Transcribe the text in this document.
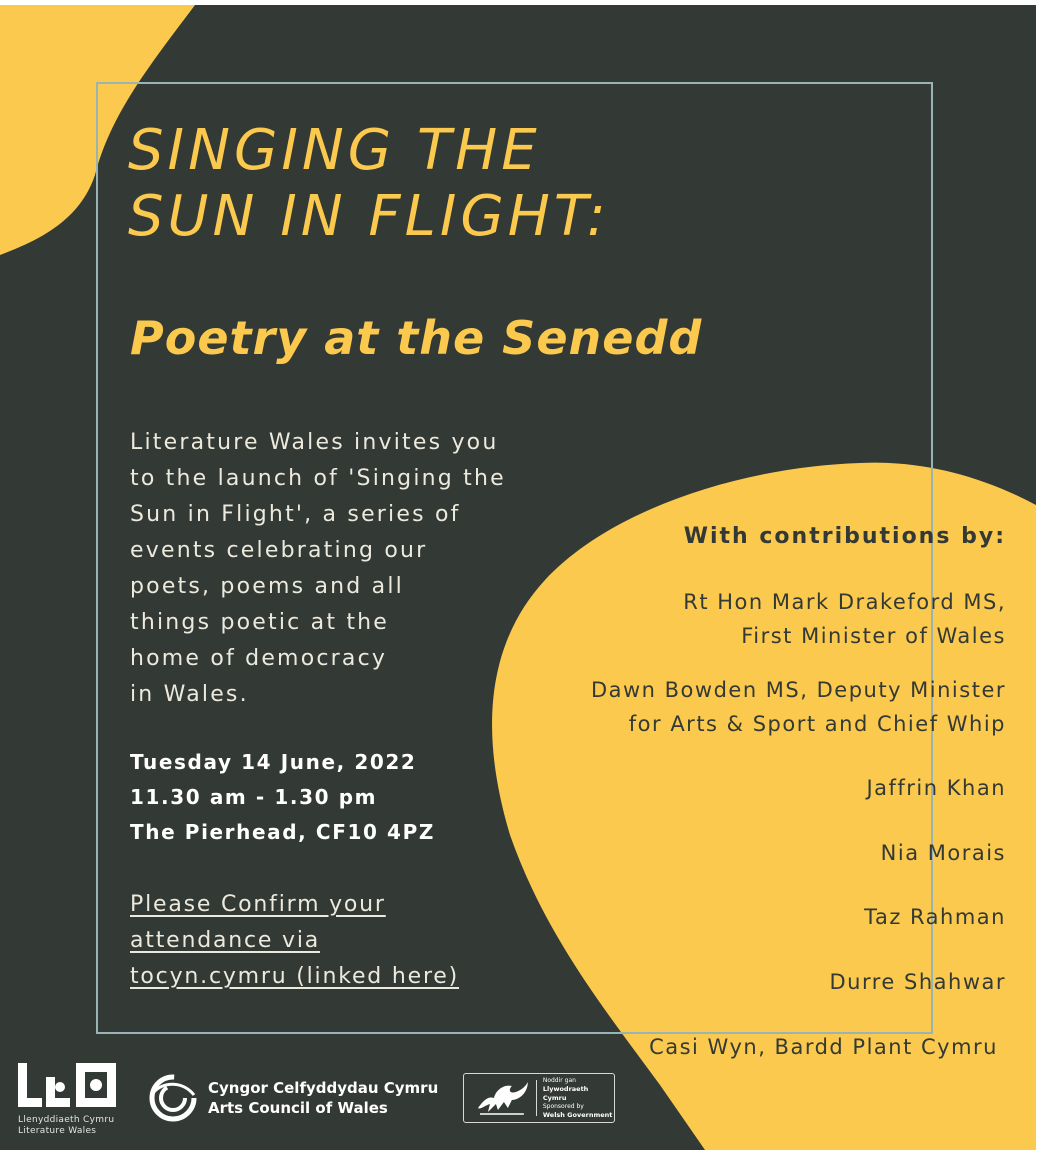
SINGING THE
SUN IN FLIGHT:
Poetry at the Senedd

Literature Wales invites you
to the launch of 'Singing the
Sun in Flight', a series of
events celebrating our
poets, poems and all
things poetic at the
home of democracy
in Wales.

Tuesday 14 June, 2022
11.30 am - 1.30 pm
The Pierhead, CF10 4PZ
Please Confirm your
attendance via
tocyn.cymru (linked here)
With contributions by:
Rt Hon Mark Drakeford MS,
First Minister of Wales
Dawn Bowden MS, Deputy Minister
for Arts & Sport and Chief Whip
Jaffrin Khan
Nia Morais
Taz Rahman
Durre Shahwar
Casi Wyn, Bardd Plant Cymru
Llenyddiaeth Cymru
Literature Wales
Cyngor Celfyddydau Cymru
Arts Council of Wales
Noddir gan
Llywodraeth Cymru
Sponsored by
Welsh Government
